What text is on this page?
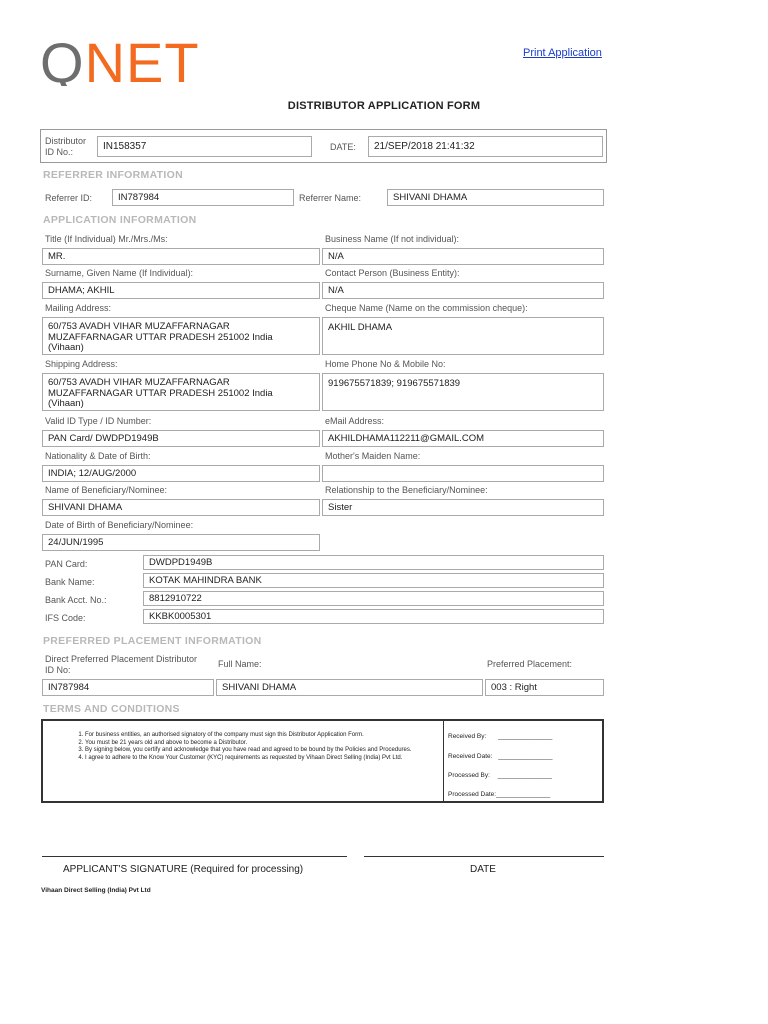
QNET	Print Application
DISTRIBUTOR APPLICATION FORM
Distributor ID No.:	IN158357	DATE:	21/SEP/2018 21:41:32
REFERRER INFORMATION
Referrer ID:	IN787984	Referrer Name:	SHIVANI DHAMA
APPLICATION INFORMATION
Title (If Individual) Mr./Mrs./Ms:
MR.
Business Name (If not individual):
N/A
Surname, Given Name (If Individual):
DHAMA; AKHIL
Contact Person (Business Entity):
N/A
Mailing Address:
60/753 AVADH VIHAR MUZAFFARNAGAR
MUZAFFARNAGAR UTTAR PRADESH 251002 India
(Vihaan)
Cheque Name (Name on the commission cheque):
AKHIL DHAMA
Shipping Address:
60/753 AVADH VIHAR MUZAFFARNAGAR
MUZAFFARNAGAR UTTAR PRADESH 251002 India
(Vihaan)
Home Phone No & Mobile No:
919675571839; 919675571839
Valid ID Type / ID Number:
PAN Card/ DWDPD1949B
eMail Address:
AKHILDHAMA112211@GMAIL.COM
Nationality & Date of Birth:
INDIA; 12/AUG/2000
Mother's Maiden Name:
Name of Beneficiary/Nominee:
SHIVANI DHAMA
Relationship to the Beneficiary/Nominee:
Sister
Date of Birth of Beneficiary/Nominee:
24/JUN/1995
PAN Card:	DWDPD1949B
Bank Name:	KOTAK MAHINDRA BANK
Bank Acct. No.:	8812910722
IFS Code:	KKBK0005301
PREFERRED PLACEMENT INFORMATION
Direct Preferred Placement Distributor
ID No:
Full Name:	Preferred Placement:
IN787984	SHIVANI DHAMA	003 : Right
TERMS AND CONDITIONS
1. For business entities, an authorised signatory of the company must sign this Distributor Application Form.
2. You must be 21 years old and above to become a Distributor.
3. By signing below, you certify and acknowledge that you have read and agreed to be bound by the Policies and Procedures.
4. I agree to adhere to the Know Your Customer (KYC) requirements as requested by Vihaan Direct Selling (India) Pvt Ltd.
Received By: _______________
Received Date: _______________
Processed By: _______________
Processed Date:_______________
APPLICANT'S SIGNATURE (Required for processing)	DATE
Vihaan Direct Selling (India) Pvt Ltd
